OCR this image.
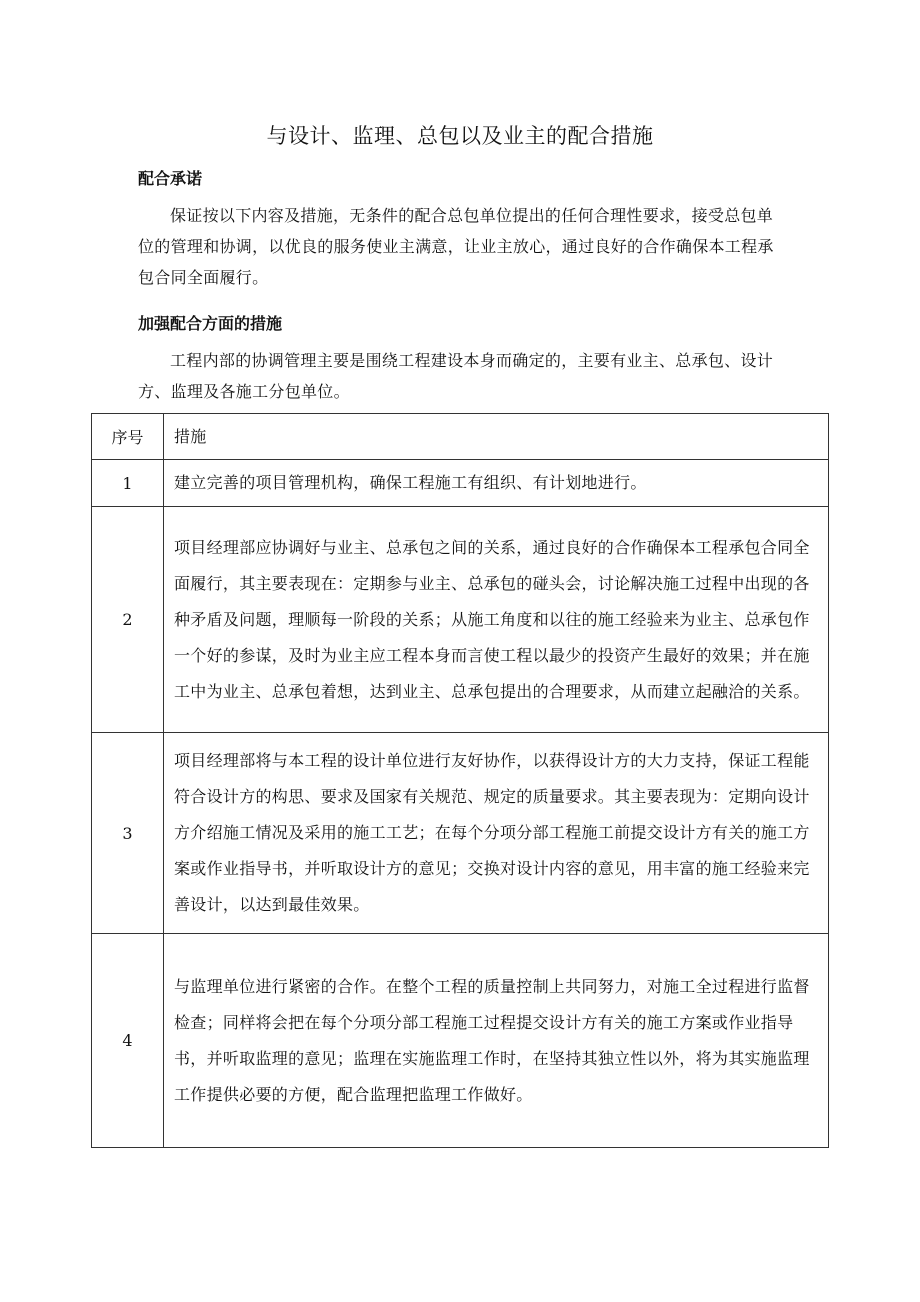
与设计、监理、总包以及业主的配合措施
配合承诺
保证按以下内容及措施，无条件的配合总包单位提出的任何合理性要求，接受总包单位的管理和协调，以优良的服务使业主满意，让业主放心，通过良好的合作确保本工程承包合同全面履行。
加强配合方面的措施
工程内部的协调管理主要是围绕工程建设本身而确定的，主要有业主、总承包、设计方、监理及各施工分包单位。
序号	措施
1	建立完善的项目管理机构，确保工程施工有组织、有计划地进行。
2	项目经理部应协调好与业主、总承包之间的关系，通过良好的合作确保本工程承包合同全面履行，其主要表现在：定期参与业主、总承包的碰头会，讨论解决施工过程中出现的各种矛盾及问题，理顺每一阶段的关系；从施工角度和以往的施工经验来为业主、总承包作一个好的参谋，及时为业主应工程本身而言使工程以最少的投资产生最好的效果；并在施工中为业主、总承包着想，达到业主、总承包提出的合理要求，从而建立起融洽的关系。
3	项目经理部将与本工程的设计单位进行友好协作，以获得设计方的大力支持，保证工程能符合设计方的构思、要求及国家有关规范、规定的质量要求。其主要表现为：定期向设计方介绍施工情况及采用的施工工艺；在每个分项分部工程施工前提交设计方有关的施工方案或作业指导书，并听取设计方的意见；交换对设计内容的意见，用丰富的施工经验来完善设计，以达到最佳效果。
4	与监理单位进行紧密的合作。在整个工程的质量控制上共同努力，对施工全过程进行监督检查；同样将会把在每个分项分部工程施工过程提交设计方有关的施工方案或作业指导书，并听取监理的意见；监理在实施监理工作时，在坚持其独立性以外，将为其实施监理工作提供必要的方便，配合监理把监理工作做好。
